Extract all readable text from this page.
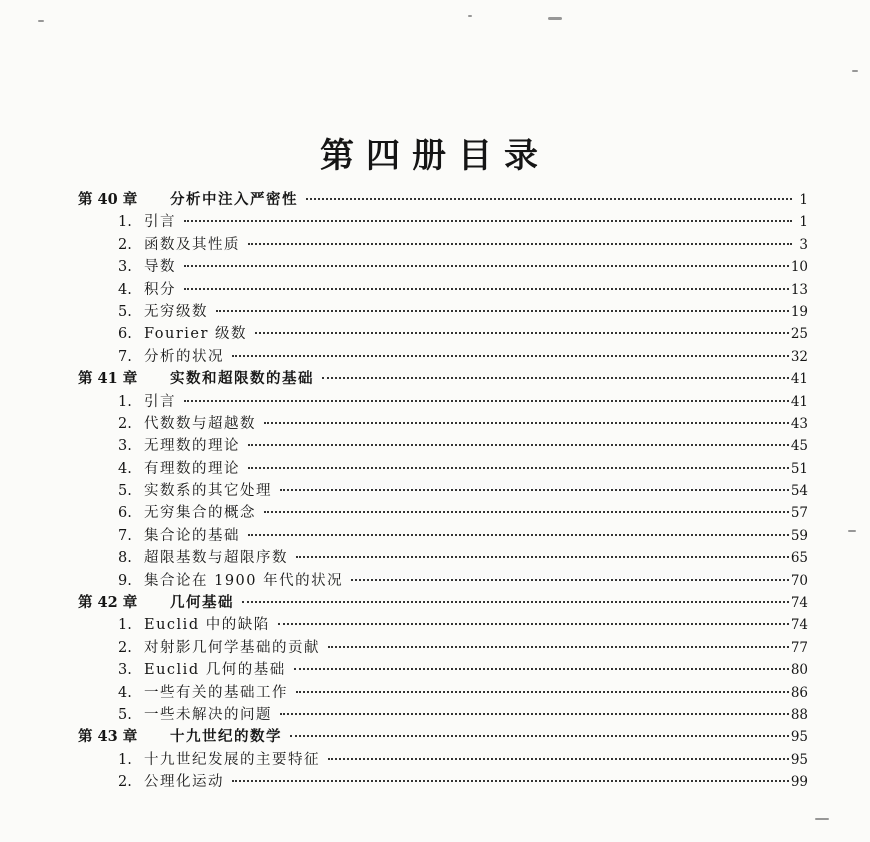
第四册目录
第 40 章	分析中注入严密性	1
1. 引言	1
2. 函数及其性质	3
3. 导数	10
4. 积分	13
5. 无穷级数	19
6. Fourier 级数	25
7. 分析的状况	32
第 41 章	实数和超限数的基础	41
1. 引言	41
2. 代数数与超越数	43
3. 无理数的理论	45
4. 有理数的理论	51
5. 实数系的其它处理	54
6. 无穷集合的概念	57
7. 集合论的基础	59
8. 超限基数与超限序数	65
9. 集合论在 1900 年代的状况	70
第 42 章	几何基础	74
1. Euclid 中的缺陷	74
2. 对射影几何学基础的贡献	77
3. Euclid 几何的基础	80
4. 一些有关的基础工作	86
5. 一些未解决的问题	88
第 43 章	十九世纪的数学	95
1. 十九世纪发展的主要特征	95
2. 公理化运动	99
